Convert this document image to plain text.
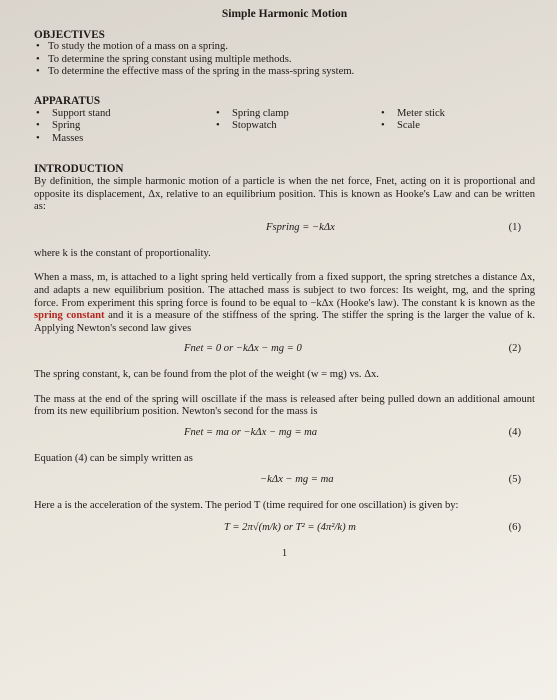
Simple Harmonic Motion
OBJECTIVES
• To study the motion of a mass on a spring.
• To determine the spring constant using multiple methods.
• To determine the effective mass of the spring in the mass-spring system.
APPARATUS
• Support stand
• Spring
• Masses
• Spring clamp
• Stopwatch
• Meter stick
• Scale
INTRODUCTION

By definition, the simple harmonic motion of a particle is when the net force, Fnet, acting on it is proportional and opposite its displacement, Δx, relative to an equilibrium position. This is known as Hooke's Law and can be written as:

Fspring = −kΔx	(1)

where k is the constant of proportionality.

When a mass, m, is attached to a light spring held vertically from a fixed support, the spring stretches a distance Δx, and adapts a new equilibrium position. The attached mass is subject to two forces: Its weight, mg, and the spring force. From experiment this spring force is found to be equal to −kΔx (Hooke's law). The constant k is known as the spring constant and it is a measure of the stiffness of the spring. The stiffer the spring is the larger the value of k. Applying Newton's second law gives

Fnet = 0 or −kΔx − mg = 0	(2)

The spring constant, k, can be found from the plot of the weight (w = mg) vs. Δx.

The mass at the end of the spring will oscillate if the mass is released after being pulled down an additional amount from its new equilibrium position. Newton's second for the mass is

Fnet = ma or −kΔx − mg = ma	(4)

Equation (4) can be simply written as

−kΔx − mg = ma	(5)

Here a is the acceleration of the system. The period T (time required for one oscillation) is given by:

T = 2π√(m/k) or T² = (4π²/k) m	(6)
1
